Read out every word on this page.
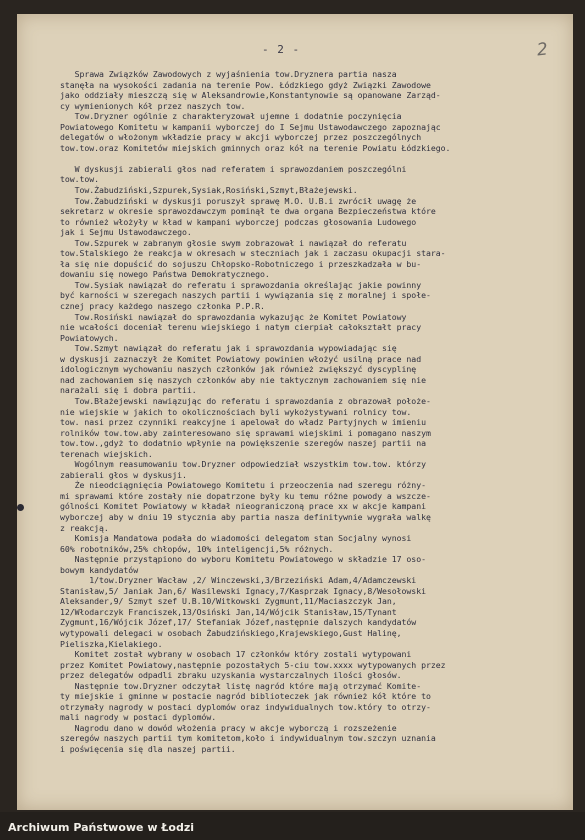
- 2 -	2
Sprawa Związków Zawodowych z wyjaśnienia tow.Dryznera partia nasza
stanęła na wysokości zadania na terenie Pow. Łódzkiego gdyż Związki Zawodowe
jako oddziały mieszczą się w Aleksandrowie,Konstantynowie są opanowane Zarząd-
cy wymienionych kół przez naszych tow.
Tow.Dryzner ogólnie z charakteryzował ujemne i dodatnie poczynięcia
Powiatowego Komitetu w kampanii wyborczej do I Sejmu Ustawodawczego zapoznając
delegatów o włożonym wkładzie pracy w akcji wyborczej przez poszczególnych
tow.tow.oraz Komitetów miejskich gminnych oraz kół na terenie Powiatu Łódzkiego.
W dyskusji zabierali głos nad referatem i sprawozdaniem poszczególni
tow.tow.
Tow.Żabudziński,Szpurek,Sysiak,Rosiński,Szmyt,Błażejewski.
Tow.Żabudziński w dyskusji poruszył sprawę M.O. U.B.i zwrócił uwagę że
sekretarz w okresie sprawozdawczym pominął te dwa organa Bezpieczeństwa które
to również włożyły w kład w kampani wyborczej podczas głosowania Ludowego
jak i Sejmu Ustawodawczego.
Tow.Szpurek w zabranym głosie swym zobrazował i nawiązał do referatu
tow.Stalskiego że reakcja w okresach w steczniach jak i zaczasu okupacji stara-
ła się nie dopuścić do sojuszu Chłopsko-Robotniczego i przeszkadzała w bu-
dowaniu się nowego Państwa Demokratycznego.
Tow.Sysiak nawiązał do referatu i sprawozdania określając jakie powinny
być karności w szeregach naszych partii i wywiązania się z moralnej i społe-
cznej pracy każdego naszego członka P.P.R.
Tow.Rosiński nawiązał do sprawozdania wykazując że Komitet Powiatowy
nie wcałości doceniał terenu wiejskiego i natym cierpiał całokształt pracy
Powiatowych.
Tow.Szmyt nawiązał do referatu jak i sprawozdania wypowiadając się
w dyskusji zaznaczył że Komitet Powiatowy powinien włożyć usilną prace nad
idologicznym wychowaniu naszych członków jak również zwiększyć dyscyplinę
nad zachowaniem się naszych członków aby nie taktycznym zachowaniem się nie
narażali się i dobra partii.
Tow.Błażejewski nawiązując do referatu i sprawozdania z obrazował położe-
nie wiejskie w jakich to okolicznościach byli wykożystywani rolnicy tow.
tow. nasi przez czynniki reakcyjne i apelował do władz Partyjnych w imieniu
rolników tow.tow.aby zainteresowano się sprawami wiejskimi i pomagano naszym
tow.tow.,gdyż to dodatnio wpłynie na powiększenie szeregów naszej partii na
terenach wiejskich.
Wogólnym reasumowaniu tow.Dryzner odpowiedział wszystkim tow.tow. którzy
zabierali głos w dyskusji.
Że nieodciągnięcia Powiatowego Komitetu i przeoczenia nad szeregu różny-
mi sprawami które zostały nie dopatrzone były ku temu różne powody a wszcze-
gólności Komitet Powiatowy w kładał nieograniczoną prace xx w akcje kampani
wyborczej aby w dniu 19 stycznia aby partia nasza definitywnie wygrała walkę
z reakcją.
Komisja Mandatowa podała do wiadomości delegatom stan Socjalny wynosi
60% robotników,25% chłopów, 10% inteligencji,5% różnych.
Następnie przystąpiono do wyboru Komitetu Powiatowego w składzie 17 oso-
bowym kandydatów
1/tow.Dryzner Wacław ,2/ Winczewski,3/Brzeziński Adam,4/Adamczewski
Stanisław,5/ Janiak Jan,6/ Wasilewski Ignacy,7/Kasprzak Ignacy,8/Wesołowski
Aleksander,9/ Szmyt szef U.B.10/Witkowski Zygmunt,11/Maciaszczyk Jan,
12/Włodarczyk Franciszek,13/Osiński Jan,14/Wójcik Stanisław,15/Tynant
Zygmunt,16/Wójcik Józef,17/ Stefaniak Józef,następnie dalszych kandydatów
wytypowali delegaci w osobach Żabudzińskiego,Krajewskiego,Gust Halinę,
Pieliszka,Kielakiego.
Komitet został wybrany w osobach 17 członków który zostali wytypowani
przez Komitet Powiatowy,następnie pozostałych 5-ciu tow.xxxx wytypowanych przez
przez delegatów odpadli zbraku uzyskania wystarczalnych ilości głosów.
Następnie tow.Dryzner odczytał listę nagród które mają otrzymać Komite-
ty miejskie i gminne w postacie nagród biblioteczek jak również kół które to
otrzymały nagrody w postaci dyplomów oraz indywidualnych tow.który to otrzy-
mali nagrody w postaci dyplomów.
Nagrodu dano w dowód włożenia pracy w akcje wyborczą i rozszeżenie
szeregów naszych partii tym komitetom,koło i indywidualnym tow.szczyn uznania
i poświęcenia się dla naszej partii.
Archiwum Państwowe w Łodzi
